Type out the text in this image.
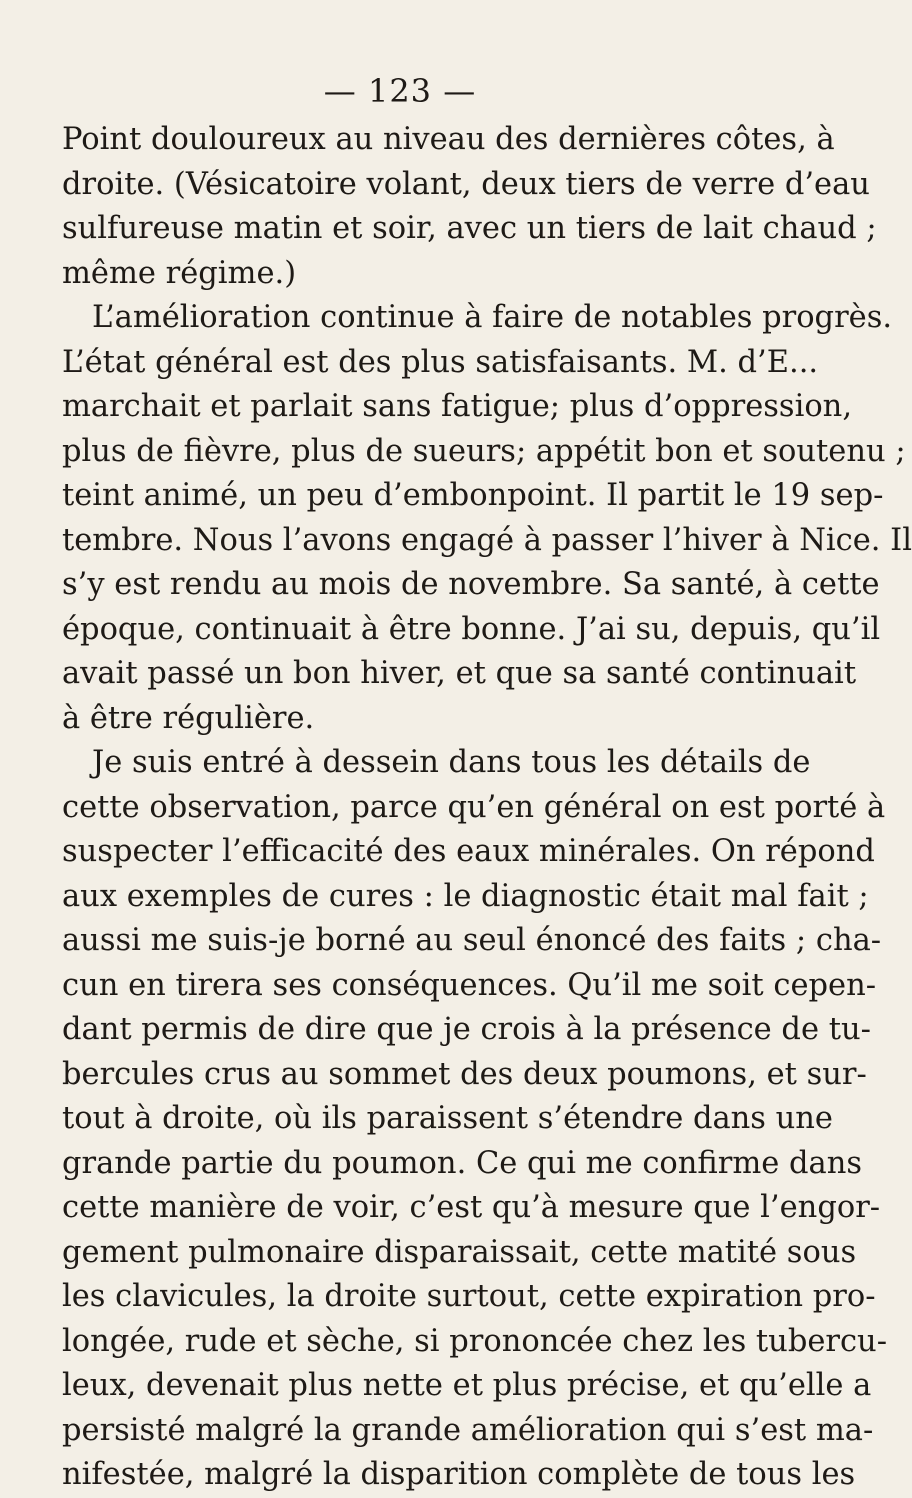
— 123 —
Point douloureux au niveau des dernières côtes, à
droite. (Vésicatoire volant, deux tiers de verre d’eau
sulfureuse matin et soir, avec un tiers de lait chaud ;
même régime.)
L’amélioration continue à faire de notables progrès.
L’état général est des plus satisfaisants. M. d’E...
marchait et parlait sans fatigue; plus d’oppression,
plus de fièvre, plus de sueurs; appétit bon et soutenu ;
teint animé, un peu d’embonpoint. Il partit le 19 sep-
tembre. Nous l’avons engagé à passer l’hiver à Nice. Il
s’y est rendu au mois de novembre. Sa santé, à cette
époque, continuait à être bonne. J’ai su, depuis, qu’il
avait passé un bon hiver, et que sa santé continuait
à être régulière.
Je suis entré à dessein dans tous les détails de
cette observation, parce qu’en général on est porté à
suspecter l’efficacité des eaux minérales. On répond
aux exemples de cures : le diagnostic était mal fait ;
aussi me suis-je borné au seul énoncé des faits ; cha-
cun en tirera ses conséquences. Qu’il me soit cepen-
dant permis de dire que je crois à la présence de tu-
bercules crus au sommet des deux poumons, et sur-
tout à droite, où ils paraissent s’étendre dans une
grande partie du poumon. Ce qui me confirme dans
cette manière de voir, c’est qu’à mesure que l’engor-
gement pulmonaire disparaissait, cette matité sous
les clavicules, la droite surtout, cette expiration pro-
longée, rude et sèche, si prononcée chez les tubercu-
leux, devenait plus nette et plus précise, et qu’elle a
persisté malgré la grande amélioration qui s’est ma-
nifestée, malgré la disparition complète de tous les
